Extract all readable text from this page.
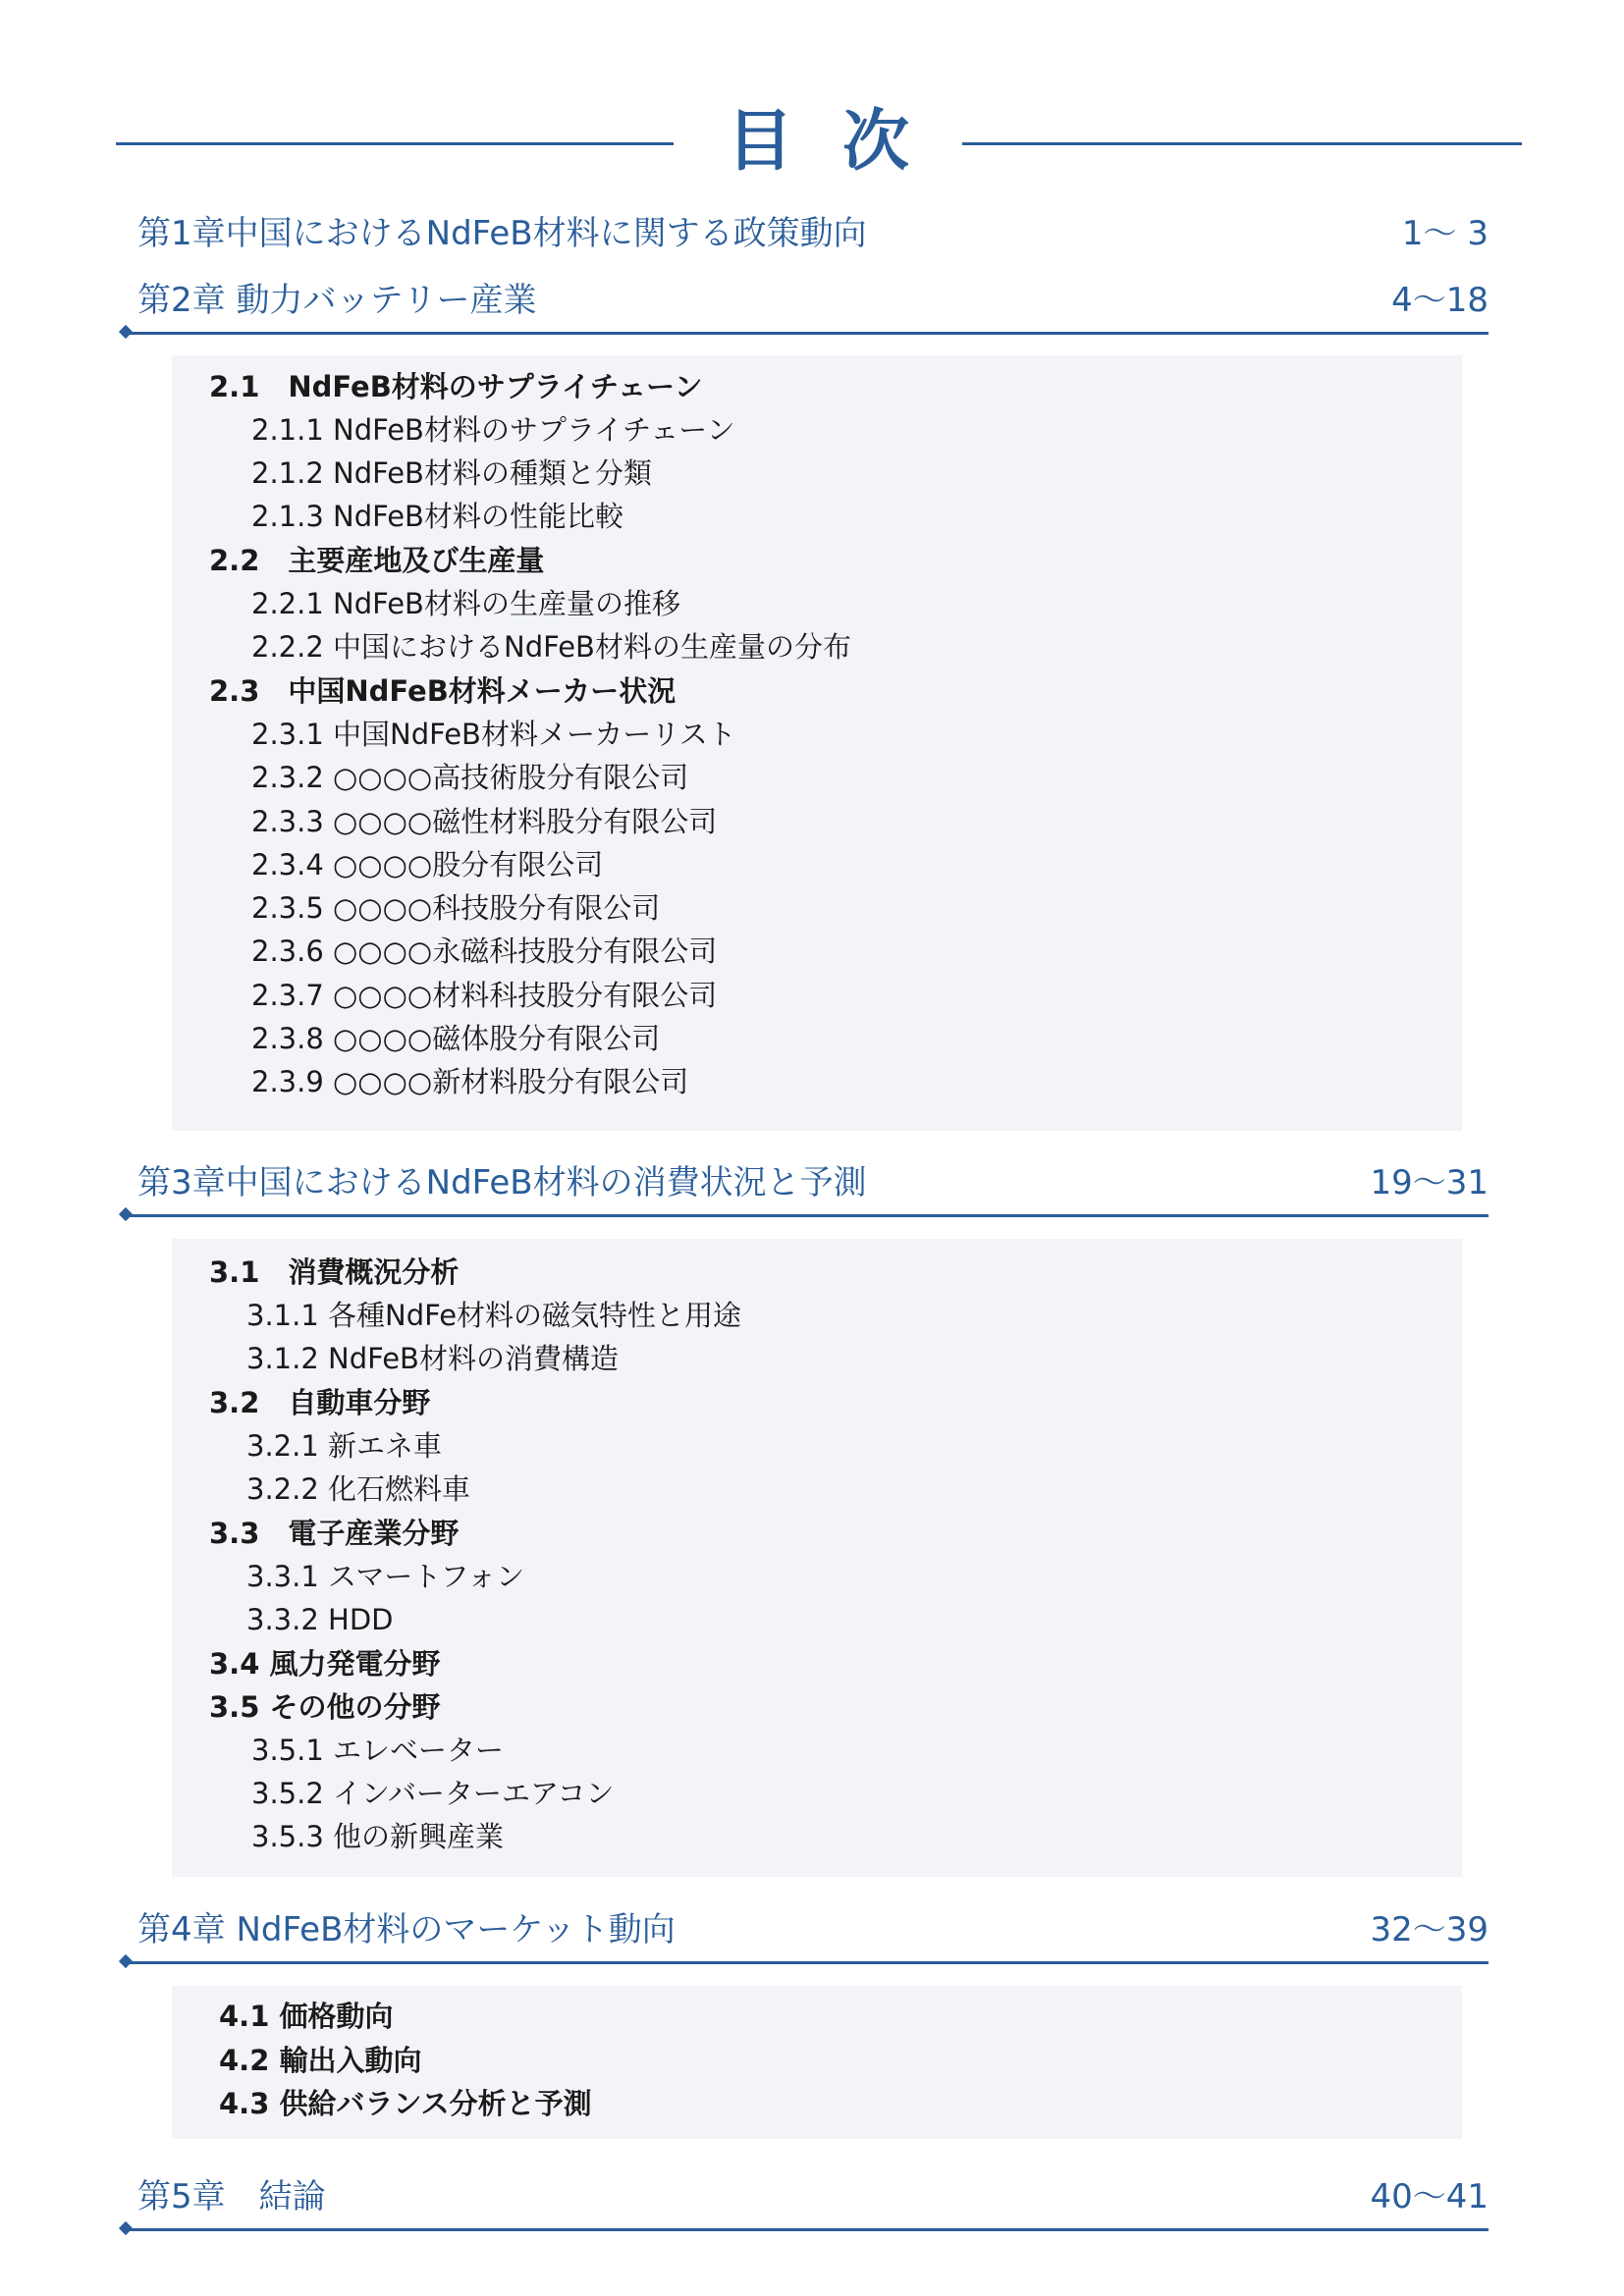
目次
第1章中国におけるNdFeB材料に関する政策動向	1～ 3
第2章 動力バッテリー産業	4～18
2.1　NdFeB材料のサプライチェーン
2.1.1 NdFeB材料のサプライチェーン
2.1.2 NdFeB材料の種類と分類
2.1.3 NdFeB材料の性能比較
2.2　主要産地及び生産量
2.2.1 NdFeB材料の生産量の推移
2.2.2 中国におけるNdFeB材料の生産量の分布
2.3　中国NdFeB材料メーカー状況
2.3.1 中国NdFeB材料メーカーリスト
2.3.2 ○○○○高技術股分有限公司
2.3.3 ○○○○磁性材料股分有限公司
2.3.4 ○○○○股分有限公司
2.3.5 ○○○○科技股分有限公司
2.3.6 ○○○○永磁科技股分有限公司
2.3.7 ○○○○材料科技股分有限公司
2.3.8 ○○○○磁体股分有限公司
2.3.9 ○○○○新材料股分有限公司
第3章中国におけるNdFeB材料の消費状況と予測	19～31
3.1　消費概況分析
3.1.1 各種NdFe材料の磁気特性と用途
3.1.2 NdFeB材料の消費構造
3.2　自動車分野
3.2.1 新エネ車
3.2.2 化石燃料車
3.3　電子産業分野
3.3.1 スマートフォン
3.3.2 HDD
3.4 風力発電分野
3.5 その他の分野
3.5.1 エレベーター
3.5.2 インバーターエアコン
3.5.3 他の新興産業
第4章 NdFeB材料のマーケット動向	32～39
4.1 価格動向
4.2 輸出入動向
4.3 供給バランス分析と予測
第5章　結論	40～41
